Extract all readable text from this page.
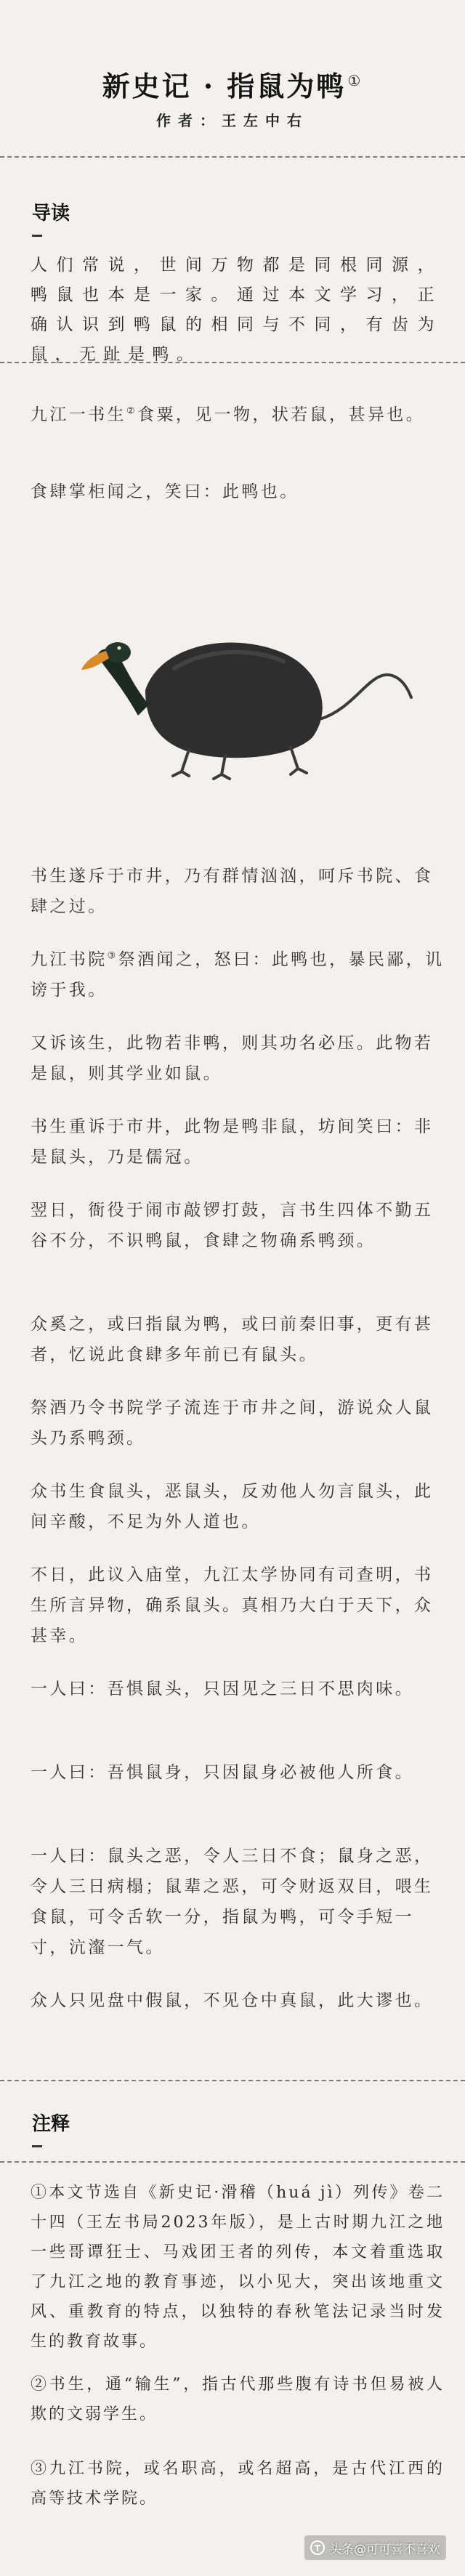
新史记 · 指鼠为鸭 ①
作者：王左中右
导读
人们常说，世间万物都是同根同源，鸭鼠也本是一家。通过本文学习，正确认识到鸭鼠的相同与不同，有齿为鼠，无趾是鸭。
九江一书生②食粟，见一物，状若鼠，甚异也。
食肆掌柜闻之，笑曰：此鸭也。
书生遂斥于市井，乃有群情汹汹，呵斥书院、食肆之过。
九江书院③祭酒闻之，怒曰：此鸭也，暴民鄙，讥谤于我。
又诉该生，此物若非鸭，则其功名必压。此物若是鼠，则其学业如鼠。
书生重诉于市井，此物是鸭非鼠，坊间笑曰：非是鼠头，乃是儒冠。
翌日，衙役于闹市敲锣打鼓，言书生四体不勤五谷不分，不识鸭鼠，食肆之物确系鸭颈。
众奚之，或曰指鼠为鸭，或曰前秦旧事，更有甚者，忆说此食肆多年前已有鼠头。
祭酒乃令书院学子流连于市井之间，游说众人鼠头乃系鸭颈。
众书生食鼠头，恶鼠头，反劝他人勿言鼠头，此间辛酸，不足为外人道也。
不日，此议入庙堂，九江太学协同有司查明，书生所言异物，确系鼠头。真相乃大白于天下，众甚幸。
一人曰：吾惧鼠头，只因见之三日不思肉味。
一人曰：吾惧鼠身，只因鼠身必被他人所食。
一人曰：鼠头之恶，令人三日不食；鼠身之恶，令人三日病榻；鼠辈之恶，可令财返双目，喂生食鼠，可令舌软一分，指鼠为鸭，可令手短一寸，沆瀣一气。
众人只见盘中假鼠，不见仓中真鼠，此大谬也。
注释
①本文节选自《新史记·滑稽（huá jì）列传》卷二十四（王左书局2023年版），是上古时期九江之地一些哥谭狂士、马戏团王者的列传，本文着重选取了九江之地的教育事迹，以小见大，突出该地重文风、重教育的特点，以独特的春秋笔法记录当时发生的教育故事。
②书生，通“输生”，指古代那些腹有诗书但易被人欺的文弱学生。
③九江书院，或名职高，或名超高，是古代江西的高等技术学院。
头条@可可喜不喜欢
